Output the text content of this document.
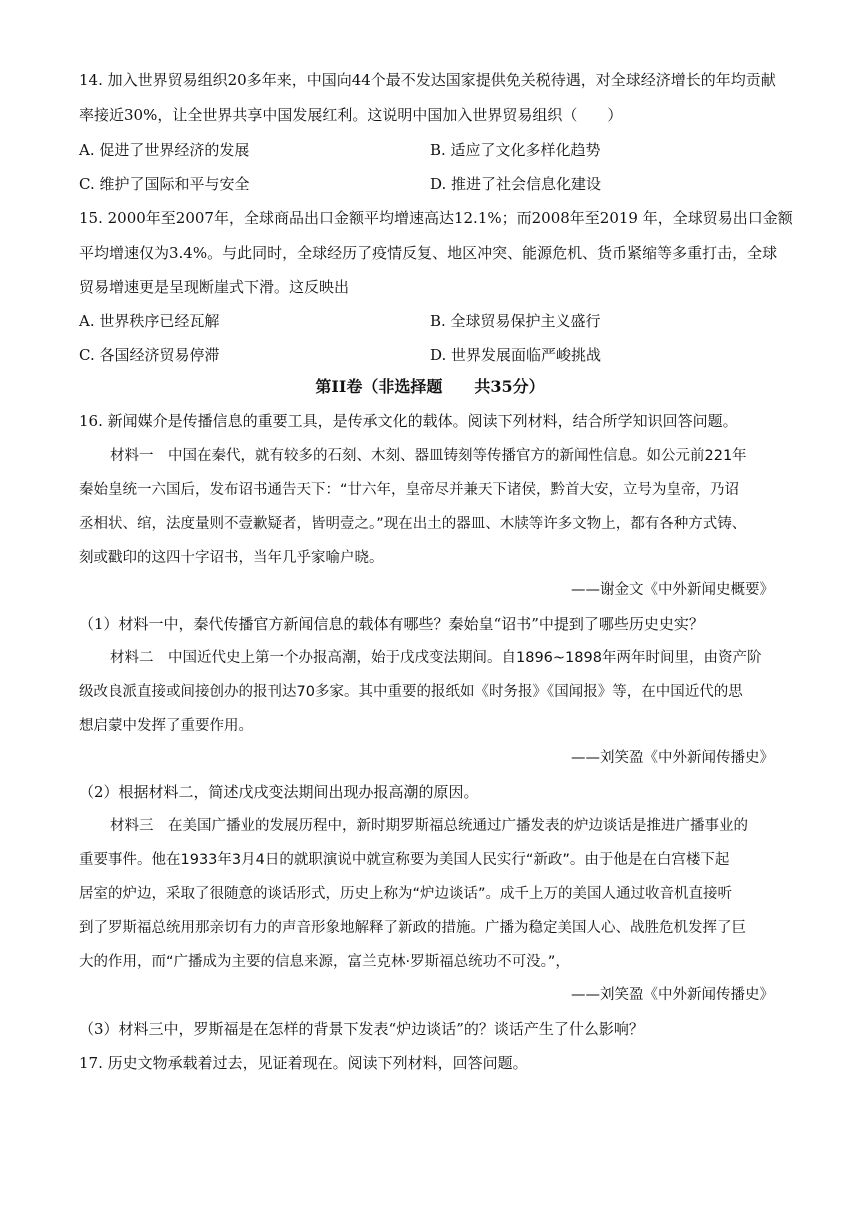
14. 加入世界贸易组织20多年来，中国向44个最不发达国家提供免关税待遇，对全球经济增长的年均贡献
率接近30%，让全世界共享中国发展红利。这说明中国加入世界贸易组织（　　）
A. 促进了世界经济的发展	B. 适应了文化多样化趋势
C. 维护了国际和平与安全	D. 推进了社会信息化建设
15. 2000年至2007年，全球商品出口金额平均增速高达12.1%；而2008年至2019 年，全球贸易出口金额
平均增速仅为3.4%。与此同时，全球经历了疫情反复、地区冲突、能源危机、货币紧缩等多重打击，全球
贸易增速更是呈现断崖式下滑。这反映出
A. 世界秩序已经瓦解	B. 全球贸易保护主义盛行
C. 各国经济贸易停滞	D. 世界发展面临严峻挑战
第II卷（非选择题　　共35分）
16. 新闻媒介是传播信息的重要工具，是传承文化的载体。阅读下列材料，结合所学知识回答问题。
材料一　中国在秦代，就有较多的石刻、木刻、器皿铸刻等传播官方的新闻性信息。如公元前221年
秦始皇统一六国后，发布诏书通告天下：“廿六年，皇帝尽并兼天下诸侯，黔首大安，立号为皇帝，乃诏
丞相状、绾，法度量则不壹歉疑者，皆明壹之。”现在出土的器皿、木牍等许多文物上，都有各种方式铸、
刻或戳印的这四十字诏书，当年几乎家喻户晓。
——谢金文《中外新闻史概要》
（1）材料一中，秦代传播官方新闻信息的载体有哪些？秦始皇“诏书”中提到了哪些历史史实？
材料二　中国近代史上第一个办报高潮，始于戊戌变法期间。自1896~1898年两年时间里，由资产阶
级改良派直接或间接创办的报刊达70多家。其中重要的报纸如《时务报》《国闻报》等，在中国近代的思
想启蒙中发挥了重要作用。
——刘笑盈《中外新闻传播史》
（2）根据材料二，简述戊戌变法期间出现办报高潮的原因。
材料三　在美国广播业的发展历程中，新时期罗斯福总统通过广播发表的炉边谈话是推进广播事业的
重要事件。他在1933年3月4日的就职演说中就宣称要为美国人民实行“新政”。由于他是在白宫楼下起
居室的炉边，采取了很随意的谈话形式，历史上称为“炉边谈话”。成千上万的美国人通过收音机直接听
到了罗斯福总统用那亲切有力的声音形象地解释了新政的措施。广播为稳定美国人心、战胜危机发挥了巨
大的作用，而“广播成为主要的信息来源，富兰克林·罗斯福总统功不可没。”，
——刘笑盈《中外新闻传播史》
（3）材料三中，罗斯福是在怎样的背景下发表“炉边谈话”的？谈话产生了什么影响？
17. 历史文物承载着过去，见证着现在。阅读下列材料，回答问题。
